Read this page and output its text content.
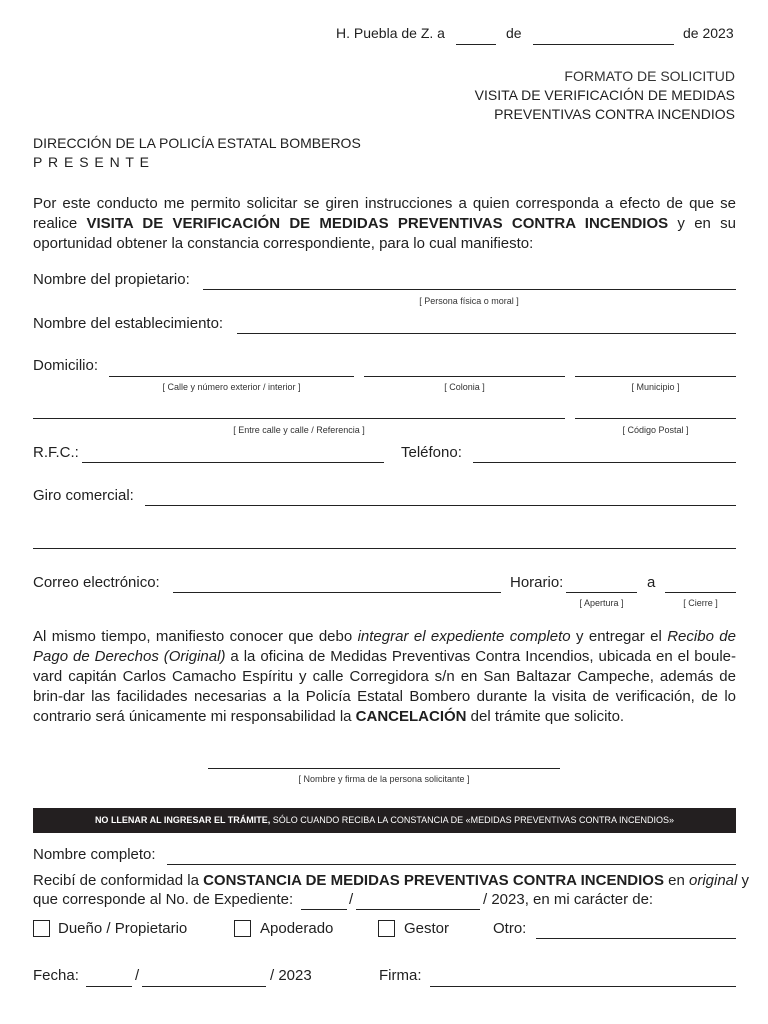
H. Puebla de Z. a	de	de 2023
FORMATO DE SOLICITUD
VISITA DE VERIFICACIÓN DE MEDIDAS
PREVENTIVAS CONTRA INCENDIOS
DIRECCIÓN DE LA POLICÍA ESTATAL BOMBEROS
P R E S E N T E
Por este conducto me permito solicitar se giren instrucciones a quien corresponda a efecto de que se realice VISITA DE VERIFICACIÓN DE MEDIDAS PREVENTIVAS CONTRA INCENDIOS y en su oportunidad obtener la constancia correspondiente, para lo cual manifiesto:
Nombre del propietario:
[ Persona física o moral ]
Nombre del establecimiento:
Domicilio:
[ Calle y número exterior / interior ]	[ Colonia ]	[ Municipio ]
[ Entre calle y calle / Referencia ]	[ Código Postal ]
R.F.C.:	Teléfono:
Giro comercial:
Correo electrónico:	Horario:	a
[ Apertura ]	[ Cierre ]
Al mismo tiempo, manifiesto conocer que debo integrar el expediente completo y entregar el Recibo de Pago de Derechos (Original) a la oficina de Medidas Preventivas Contra Incendios, ubicada en el boule-vard capitán Carlos Camacho Espíritu y calle Corregidora s/n en San Baltazar Campeche, además de brin-dar las facilidades necesarias a la Policía Estatal Bombero durante la visita de verificación, de lo contrario será únicamente mi responsabilidad la CANCELACIÓN del trámite que solicito.
[ Nombre y firma de la persona solicitante ]
NO LLENAR AL INGRESAR EL TRÁMITE, SÓLO CUANDO RECIBA LA CONSTANCIA DE «MEDIDAS PREVENTIVAS CONTRA INCENDIOS»
Nombre completo:
Recibí de conformidad la CONSTANCIA DE MEDIDAS PREVENTIVAS CONTRA INCENDIOS en original y
que corresponde al No. de Expediente:	/	/ 2023, en mi carácter de:
Dueño / Propietario	Apoderado	Gestor	Otro:
Fecha:	/	/ 2023	Firma:
